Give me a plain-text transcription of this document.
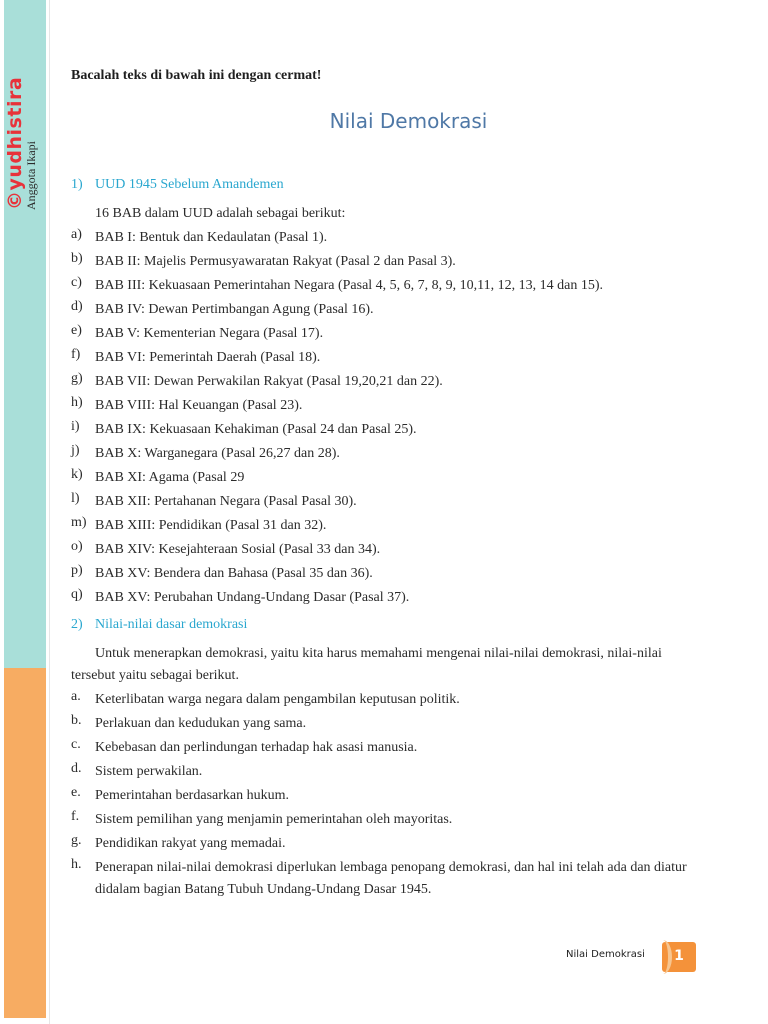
©yudhistira
Anggota Ikapi
Bacalah teks di bawah ini dengan cermat!
Nilai Demokrasi
1) UUD 1945 Sebelum Amandemen
16 BAB dalam UUD adalah sebagai berikut:
a) BAB I: Bentuk dan Kedaulatan (Pasal 1).
b) BAB II: Majelis Permusyawaratan Rakyat (Pasal 2 dan Pasal 3).
c) BAB III: Kekuasaan Pemerintahan Negara (Pasal 4, 5, 6, 7, 8, 9, 10,11, 12, 13, 14 dan 15).
d) BAB IV: Dewan Pertimbangan Agung (Pasal 16).
e) BAB V: Kementerian Negara (Pasal 17).
f) BAB VI: Pemerintah Daerah (Pasal 18).
g) BAB VII: Dewan Perwakilan Rakyat (Pasal 19,20,21 dan 22).
h) BAB VIII: Hal Keuangan (Pasal 23).
i) BAB IX: Kekuasaan Kehakiman (Pasal 24 dan Pasal 25).
j) BAB X: Warganegara (Pasal 26,27 dan 28).
k) BAB XI: Agama (Pasal 29
l) BAB XII: Pertahanan Negara (Pasal Pasal 30).
m) BAB XIII: Pendidikan (Pasal 31 dan 32).
o) BAB XIV: Kesejahteraan Sosial (Pasal 33 dan 34).
p) BAB XV: Bendera dan Bahasa (Pasal 35 dan 36).
q) BAB XV: Perubahan Undang-Undang Dasar (Pasal 37).
2) Nilai-nilai dasar demokrasi
Untuk menerapkan demokrasi, yaitu kita harus memahami mengenai nilai-nilai demokrasi, nilai-nilai tersebut yaitu sebagai berikut.
a. Keterlibatan warga negara dalam pengambilan keputusan politik.
b. Perlakuan dan kedudukan yang sama.
c. Kebebasan dan perlindungan terhadap hak asasi manusia.
d. Sistem perwakilan.
e. Pemerintahan berdasarkan hukum.
f. Sistem pemilihan yang menjamin pemerintahan oleh mayoritas.
g. Pendidikan rakyat yang memadai.
h. Penerapan nilai-nilai demokrasi diperlukan lembaga penopang demokrasi, dan hal ini telah ada dan diatur didalam bagian Batang Tubuh Undang-Undang Dasar 1945.
Nilai Demokrasi	1
